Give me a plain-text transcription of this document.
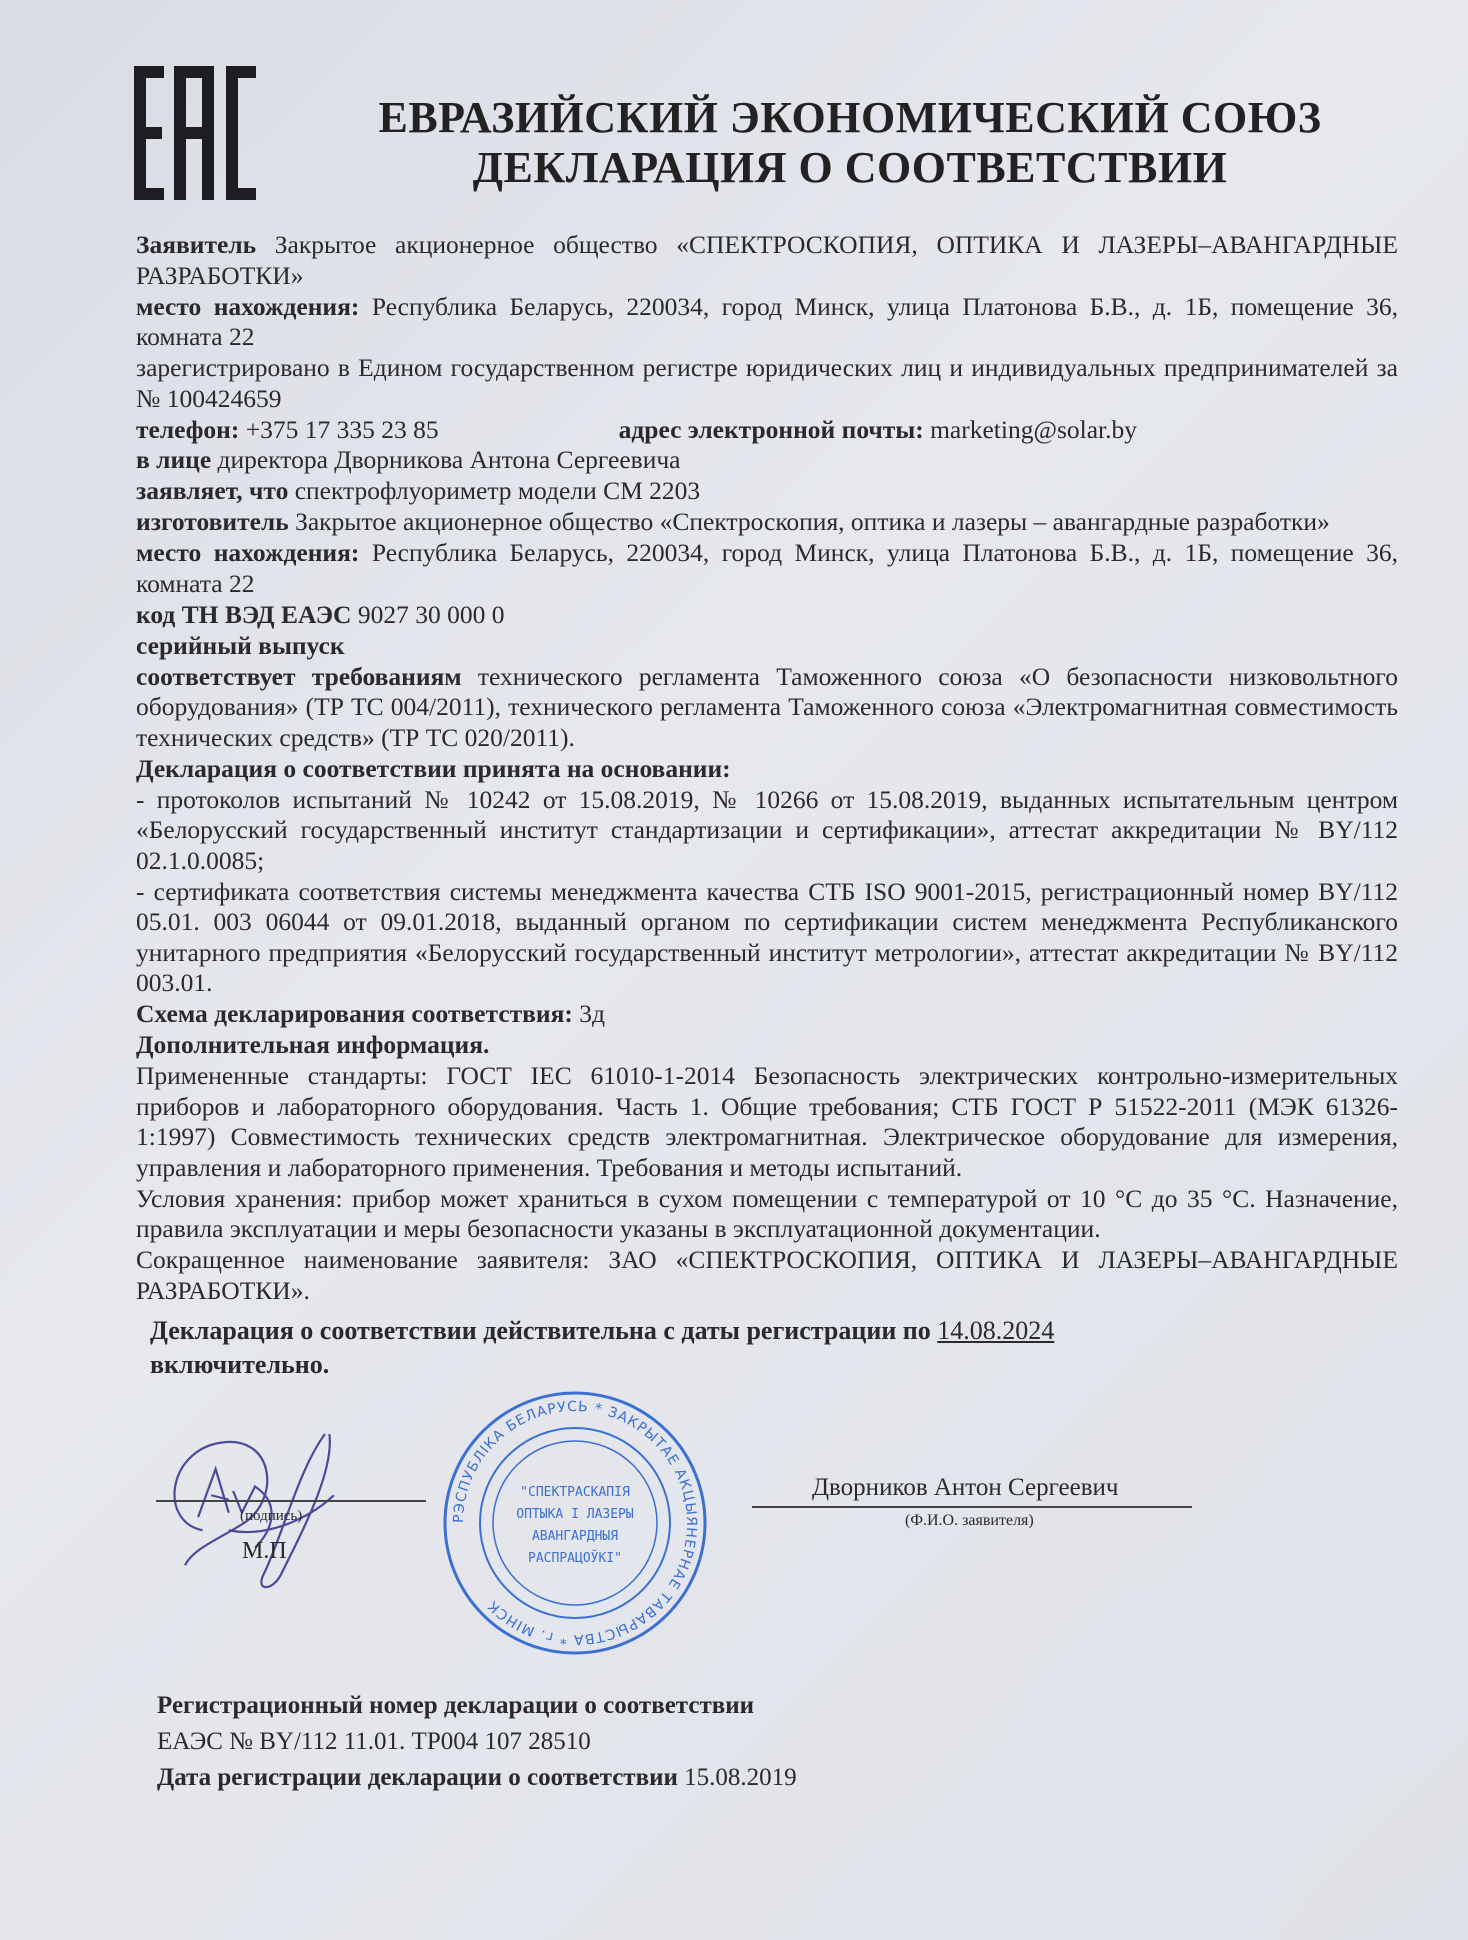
ЕВРАЗИЙСКИЙ ЭКОНОМИЧЕСКИЙ СОЮЗ
ДЕКЛАРАЦИЯ О СООТВЕТСТВИИ

Заявитель Закрытое акционерное общество «СПЕКТРОСКОПИЯ, ОПТИКА И ЛАЗЕРЫ–АВАНГАРДНЫЕ РАЗРАБОТКИ»

место нахождения: Республика Беларусь, 220034, город Минск, улица Платонова Б.В., д. 1Б, помещение 36, комната 22

зарегистрировано в Едином государственном регистре юридических лиц и индивидуальных предпринимателей за № 100424659

телефон: +375 17 335 23 85	адрес электронной почты: marketing@solar.by

в лице директора Дворникова Антона Сергеевича

заявляет, что спектрофлуориметр модели CM 2203

изготовитель Закрытое акционерное общество «Спектроскопия, оптика и лазеры – авангардные разработки»

место нахождения: Республика Беларусь, 220034, город Минск, улица Платонова Б.В., д. 1Б, помещение 36, комната 22

код ТН ВЭД ЕАЭС 9027 30 000 0

серийный выпуск

соответствует требованиям технического регламента Таможенного союза «О безопасности низковольтного оборудования» (ТР ТС 004/2011), технического регламента Таможенного союза «Электромагнитная совместимость технических средств» (ТР ТС 020/2011).

Декларация о соответствии принята на основании:

- протоколов испытаний № 10242 от 15.08.2019, № 10266 от 15.08.2019, выданных испытательным центром «Белорусский государственный институт стандартизации и сертификации», аттестат аккредитации № BY/112 02.1.0.0085;

- сертификата соответствия системы менеджмента качества СТБ ISO 9001-2015, регистрационный номер BY/112 05.01. 003 06044 от 09.01.2018, выданный органом по сертификации систем менеджмента Республиканского унитарного предприятия «Белорусский государственный институт метрологии», аттестат аккредитации № BY/112 003.01.

Схема декларирования соответствия: 3д

Дополнительная информация.

Примененные стандарты: ГОСТ IEC 61010-1-2014 Безопасность электрических контрольно-измерительных приборов и лабораторного оборудования. Часть 1. Общие требования; СТБ ГОСТ Р 51522-2011 (МЭК 61326-1:1997) Совместимость технических средств электромагнитная. Электрическое оборудование для измерения, управления и лабораторного применения. Требования и методы испытаний.

Условия хранения: прибор может храниться в сухом помещении с температурой от 10 °С до 35 °С. Назначение, правила эксплуатации и меры безопасности указаны в эксплуатационной документации.

Сокращенное наименование заявителя: ЗАО «СПЕКТРОСКОПИЯ, ОПТИКА И ЛАЗЕРЫ–АВАНГАРДНЫЕ РАЗРАБОТКИ».

Декларация о соответствии действительна с даты регистрации по 14.08.2024
включительно.
(подпись)
М.П
РЭСПУБЛІКА БЕЛАРУСЬ * ЗАКРЫТАЕ АКЦЫЯНЕРНАЕ ТАВАРЫСТВА * г. МІНСК
"СПЕКТРАСКАПІЯ
ОПТЫКА І ЛАЗЕРЫ
АВАНГАРДНЫЯ
РАСПРАЦОЎКІ"
Дворников Антон Сергеевич
(Ф.И.О. заявителя)
Регистрационный номер декларации о соответствии
ЕАЭС № BY/112 11.01. ТР004 107 28510
Дата регистрации декларации о соответствии 15.08.2019
